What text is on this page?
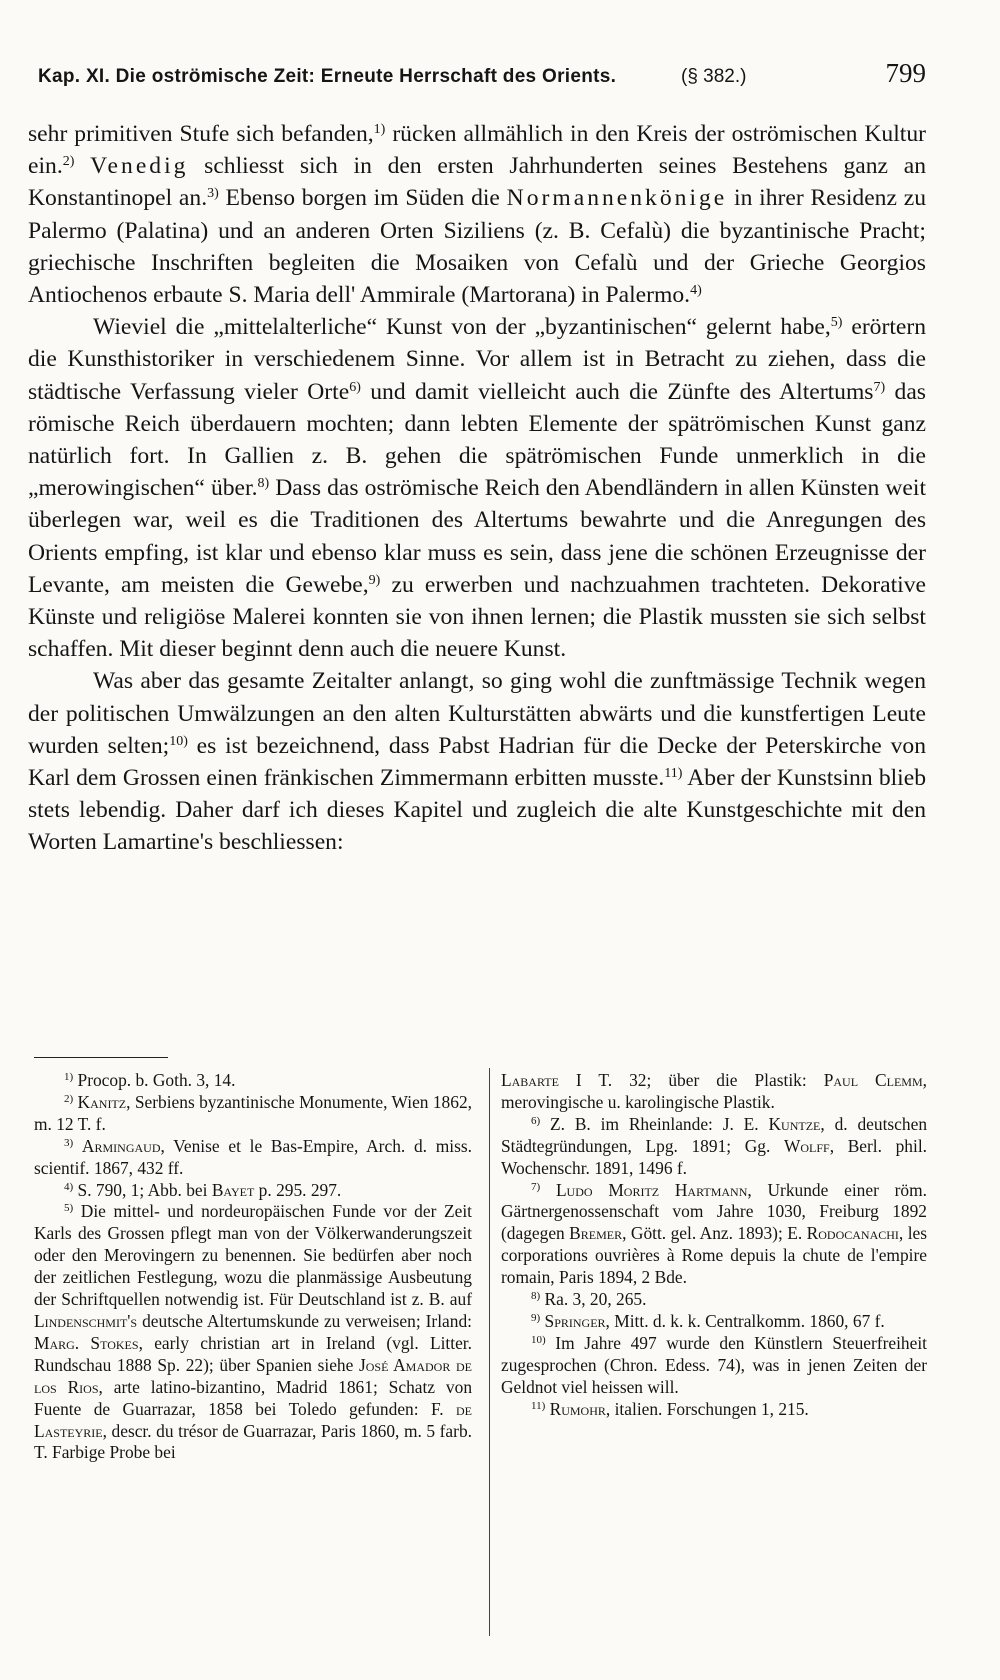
Kap. XI. Die oströmische Zeit: Erneute Herrschaft des Orients.	(§ 382.)	799

sehr primitiven Stufe sich befanden,$^{1)}$ rücken allmählich in den Kreis der oströmischen Kultur ein.$^{2)}$ Venedig schliesst sich in den ersten Jahrhunderten seines Bestehens ganz an Konstantinopel an.$^{3)}$ Ebenso borgen im Süden die Normannenkönige in ihrer Residenz zu Palermo (Palatina) und an anderen Orten Siziliens (z. B. Cefalù) die byzantinische Pracht; griechische Inschriften begleiten die Mosaiken von Cefalù und der Grieche Georgios Antiochenos erbaute S. Maria dell' Ammirale (Martorana) in Palermo.$^{4)}$

Wieviel die „mittelalterliche“ Kunst von der „byzantinischen“ gelernt habe,$^{5)}$ erörtern die Kunsthistoriker in verschiedenem Sinne. Vor allem ist in Betracht zu ziehen, dass die städtische Verfassung vieler Orte$^{6)}$ und damit vielleicht auch die Zünfte des Altertums$^{7)}$ das römische Reich überdauern mochten; dann lebten Elemente der spätrömischen Kunst ganz natürlich fort. In Gallien z. B. gehen die spätrömischen Funde unmerklich in die „merowingischen“ über.$^{8)}$ Dass das oströmische Reich den Abendländern in allen Künsten weit überlegen war, weil es die Traditionen des Altertums bewahrte und die Anregungen des Orients empfing, ist klar und ebenso klar muss es sein, dass jene die schönen Erzeugnisse der Levante, am meisten die Gewebe,$^{9)}$ zu erwerben und nachzuahmen trachteten. Dekorative Künste und religiöse Malerei konnten sie von ihnen lernen; die Plastik mussten sie sich selbst schaffen. Mit dieser beginnt denn auch die neuere Kunst.

Was aber das gesamte Zeitalter anlangt, so ging wohl die zunftmässige Technik wegen der politischen Umwälzungen an den alten Kulturstätten abwärts und die kunstfertigen Leute wurden selten;$^{10)}$ es ist bezeichnend, dass Pabst Hadrian für die Decke der Peterskirche von Karl dem Grossen einen fränkischen Zimmermann erbitten musste.$^{11)}$ Aber der Kunstsinn blieb stets lebendig. Daher darf ich dieses Kapitel und zugleich die alte Kunstgeschichte mit den Worten Lamartine's beschliessen:

$^{1)}$ Procop. b. Goth. 3, 14.

$^{2)}$ Kanitz, Serbiens byzantinische Monumente, Wien 1862, m. 12 T. f.

$^{3)}$ Armingaud, Venise et le Bas-Empire, Arch. d. miss. scientif. 1867, 432 ff.

$^{4)}$ S. 790, 1; Abb. bei Bayet p. 295. 297.

$^{5)}$ Die mittel- und nordeuropäischen Funde vor der Zeit Karls des Grossen pflegt man von der Völkerwanderungszeit oder den Merovingern zu benennen. Sie bedürfen aber noch der zeitlichen Festlegung, wozu die planmässige Ausbeutung der Schriftquellen notwendig ist. Für Deutschland ist z. B. auf Lindenschmit's deutsche Altertumskunde zu verweisen; Irland: Marg. Stokes, early christian art in Ireland (vgl. Litter. Rundschau 1888 Sp. 22); über Spanien siehe José Amador de los Rios, arte latino-bizantino, Madrid 1861; Schatz von Fuente de Guarrazar, 1858 bei Toledo gefunden: F. de Lasteyrie, descr. du trésor de Guarrazar, Paris 1860, m. 5 farb. T. Farbige Probe bei

Labarte I T. 32; über die Plastik: Paul Clemm, merovingische u. karolingische Plastik.

$^{6)}$ Z. B. im Rheinlande: J. E. Kuntze, d. deutschen Städtegründungen, Lpg. 1891; Gg. Wolff, Berl. phil. Wochenschr. 1891, 1496 f.

$^{7)}$ Ludo Moritz Hartmann, Urkunde einer röm. Gärtnergenossenschaft vom Jahre 1030, Freiburg 1892 (dagegen Bremer, Gött. gel. Anz. 1893); E. Rodocanachi, les corporations ouvrières à Rome depuis la chute de l'empire romain, Paris 1894, 2 Bde.

$^{8)}$ Ra. 3, 20, 265.

$^{9)}$ Springer, Mitt. d. k. k. Centralkomm. 1860, 67 f.

$^{10)}$ Im Jahre 497 wurde den Künstlern Steuerfreiheit zugesprochen (Chron. Edess. 74), was in jenen Zeiten der Geldnot viel heissen will.

$^{11)}$ Rumohr, italien. Forschungen 1, 215.
